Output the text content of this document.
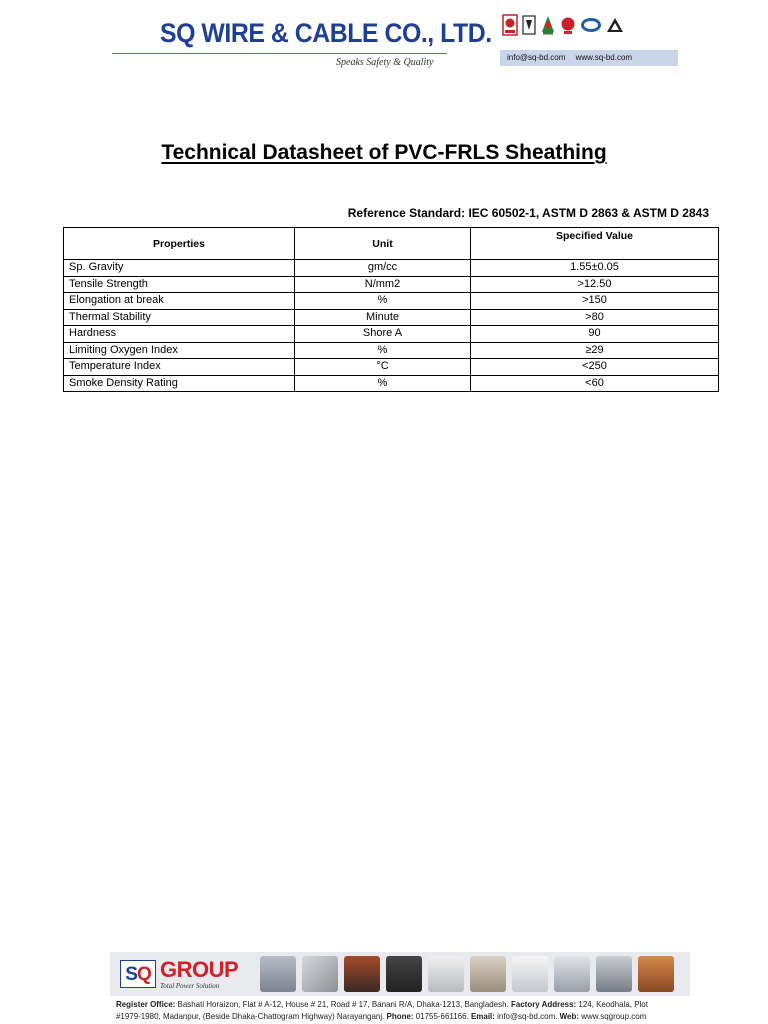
SQ WIRE & CABLE CO., LTD.
Speaks Safety & Quality	info@sq-bd.com www.sq-bd.com
Technical Datasheet of PVC-FRLS Sheathing
Reference Standard: IEC 60502-1, ASTM D 2863 & ASTM D 2843
Properties	Unit	Specified Value
Sp. Gravity	gm/cc	1.55±0.05
Tensile Strength	N/mm2	>12.50
Elongation at break	%	>150
Thermal Stability	Minute	>80
Hardness	Shore A	90
Limiting Oxygen Index	%	≥29
Temperature Index	°C	<250
Smoke Density Rating	%	<60
SQ GROUP
Total Power Solution
Register Office: Bashati Horaizon, Flat # A-12, House # 21, Road # 17, Banani R/A, Dhaka-1213, Bangladesh. Factory Address: 124, Keodhala, Plot #1979-1980, Madanpur, (Beside Dhaka-Chattogram Highway) Narayanganj. Phone: 01755-661166. Email: info@sq-bd.com. Web: www.sqgroup.com
